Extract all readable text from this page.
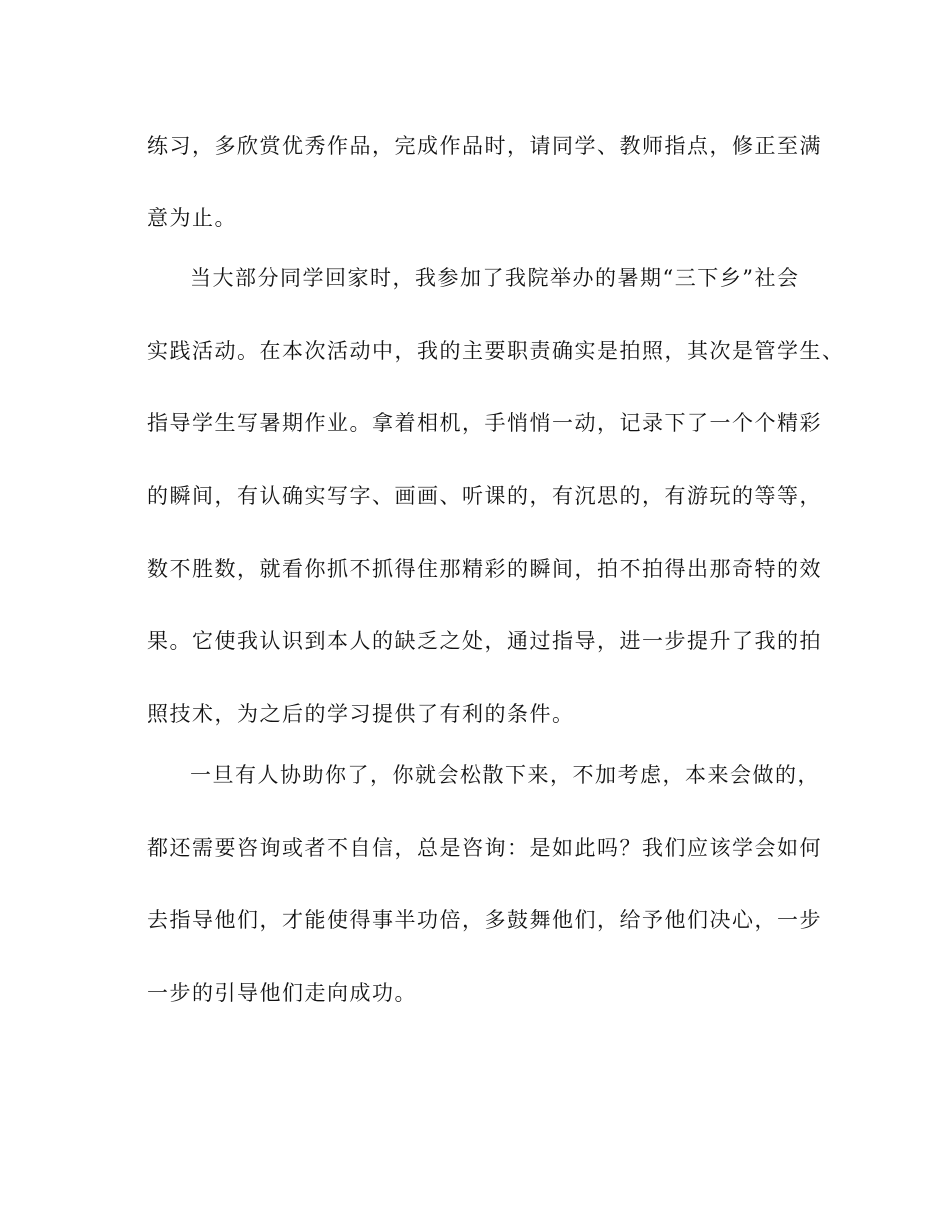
练习，多欣赏优秀作品，完成作品时，请同学、教师指点，修正至满
意为止。
当大部分同学回家时，我参加了我院举办的暑期“三下乡”社会
实践活动。在本次活动中，我的主要职责确实是拍照，其次是管学生、
指导学生写暑期作业。拿着相机，手悄悄一动，记录下了一个个精彩
的瞬间，有认确实写字、画画、听课的，有沉思的，有游玩的等等，
数不胜数，就看你抓不抓得住那精彩的瞬间，拍不拍得出那奇特的效
果。它使我认识到本人的缺乏之处，通过指导，进一步提升了我的拍
照技术，为之后的学习提供了有利的条件。
一旦有人协助你了，你就会松散下来，不加考虑，本来会做的，
都还需要咨询或者不自信，总是咨询：是如此吗？我们应该学会如何
去指导他们，才能使得事半功倍，多鼓舞他们，给予他们决心，一步
一步的引导他们走向成功。
